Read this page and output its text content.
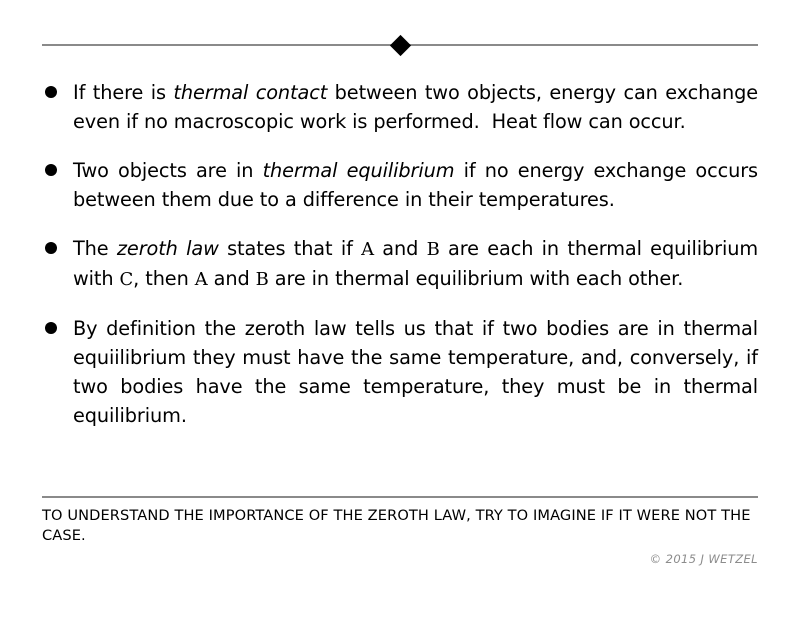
If there is thermal contact between two objects, energy can exchange even if no macroscopic work is performed.  Heat flow can occur.
Two objects are in thermal equilibrium if no energy exchange occurs between them due to a difference in their temperatures.
The zeroth law states that if A and B are each in thermal equilibrium with C, then A and B are in thermal equilibrium with each other.
By definition the zeroth law tells us that if two bodies are in thermal equiilibrium they must have the same temperature, and, conversely, if two bodies have the same temperature, they must be in thermal equilibrium.
TO UNDERSTAND THE IMPORTANCE OF THE ZEROTH LAW, TRY TO IMAGINE IF IT WERE NOT THE CASE.
© 2015 J WETZEL
